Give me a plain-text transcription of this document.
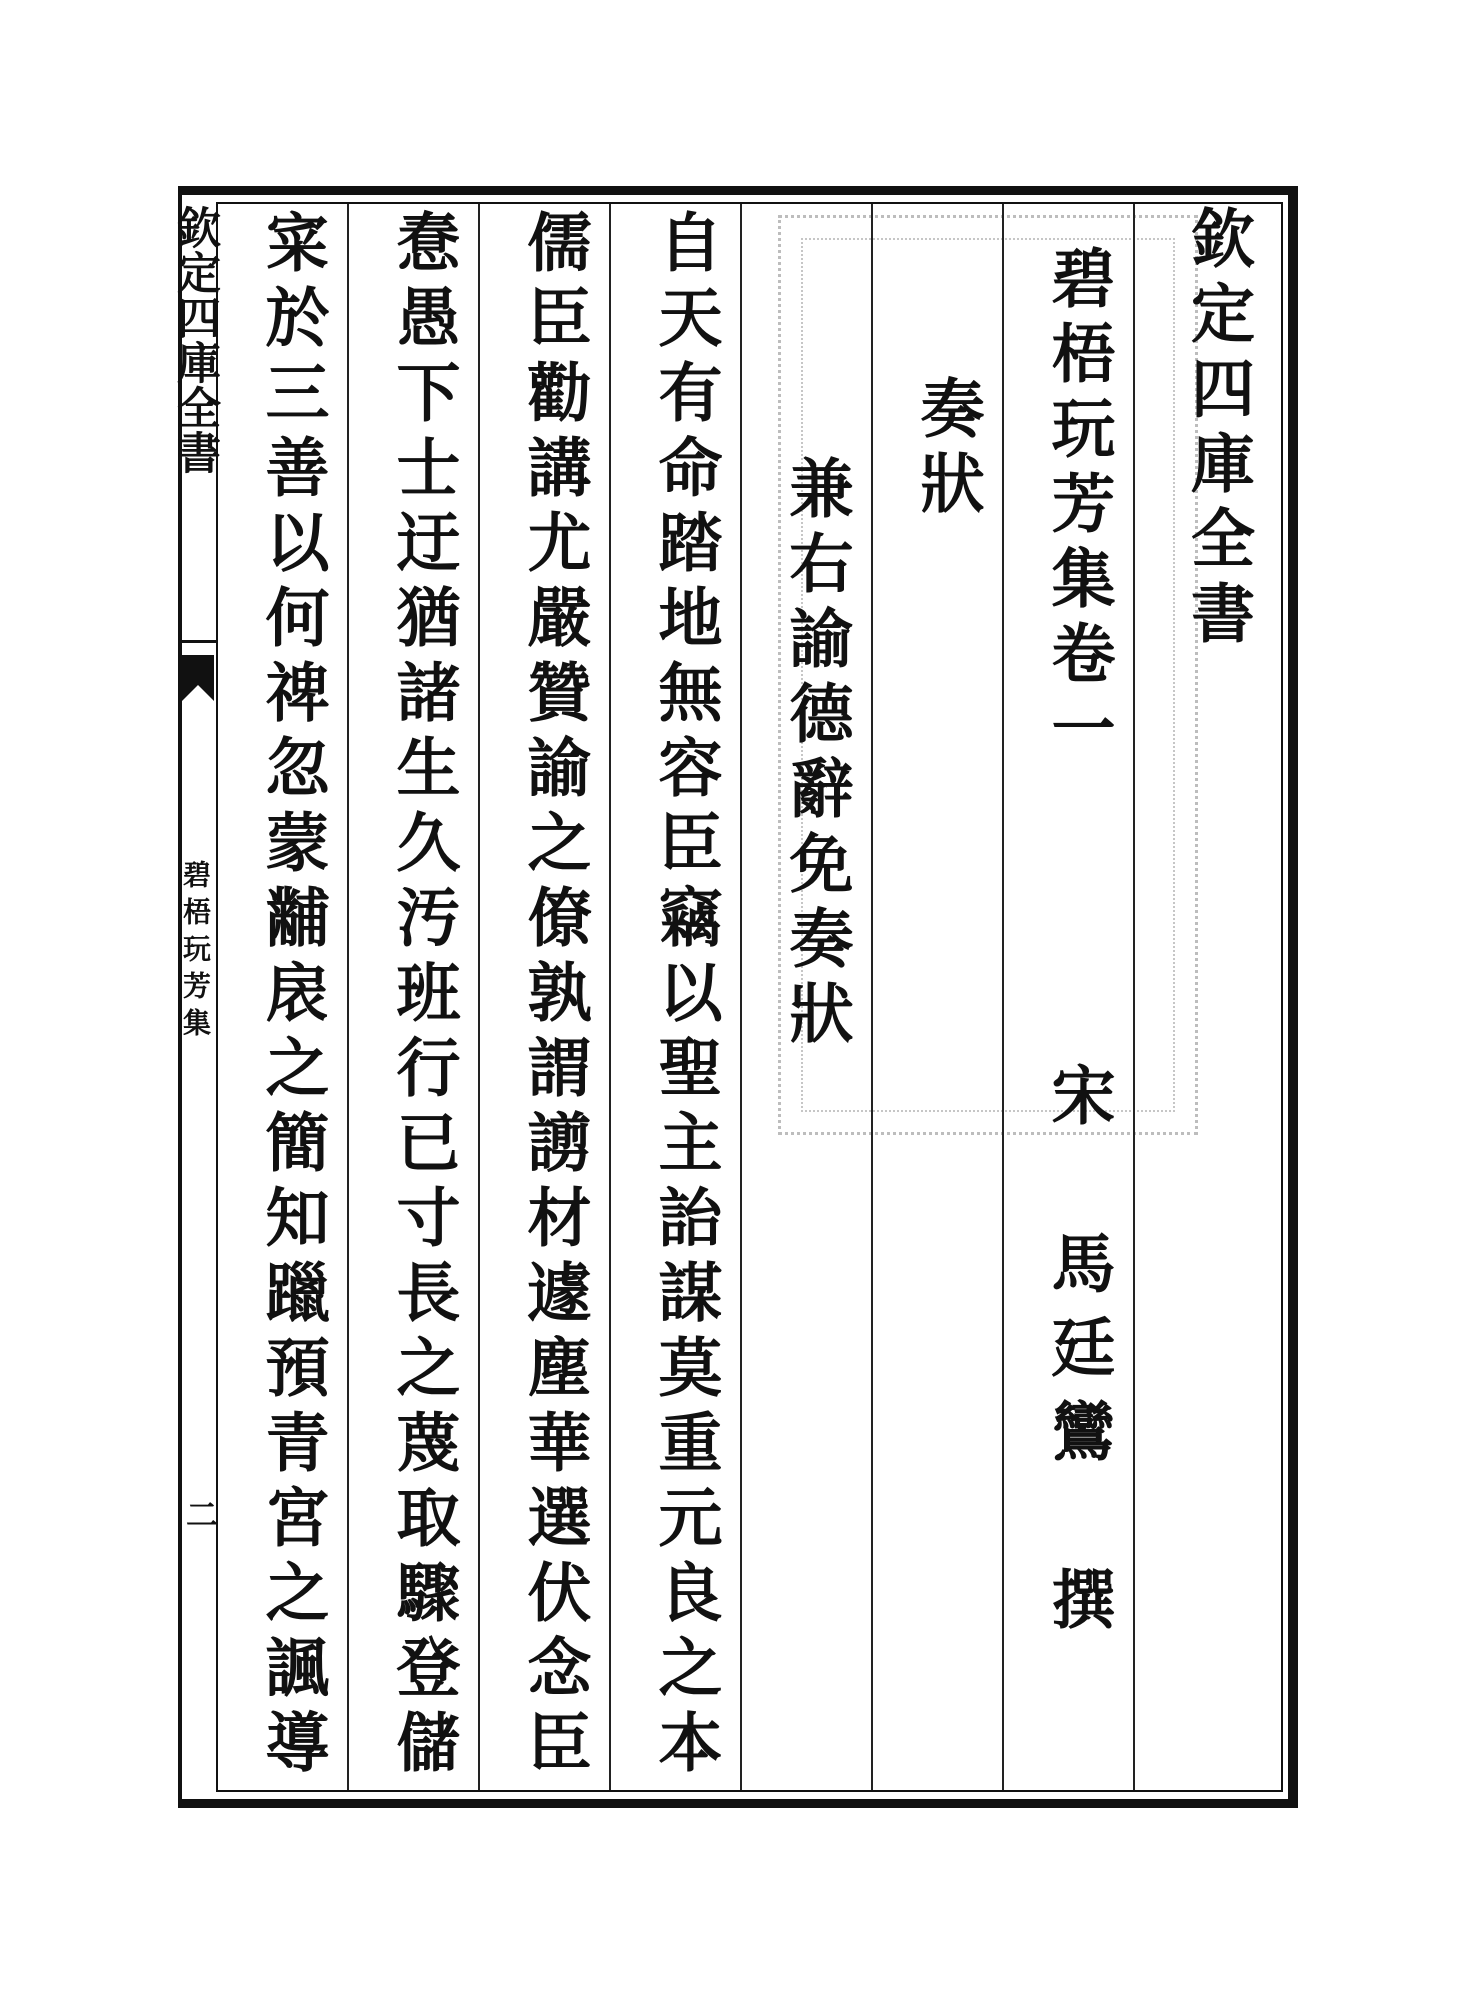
欽定四庫全書
碧梧玩芳集卷一
宋　馬廷鸞　撰
奏狀
兼右諭德辭免奏狀
自天有命踏地無容臣竊以聖主詒謀莫重元良之本
儒臣勸講尤嚴贊諭之僚孰謂謭材遽塵華選伏念臣
惷愚下士迂猶諸生久汚班行已寸長之蔑取驟登儲
寀於三善以何禆忽蒙黼扆之簡知躐預青宮之諷導
欽定四庫全書
碧梧玩芳集
二
